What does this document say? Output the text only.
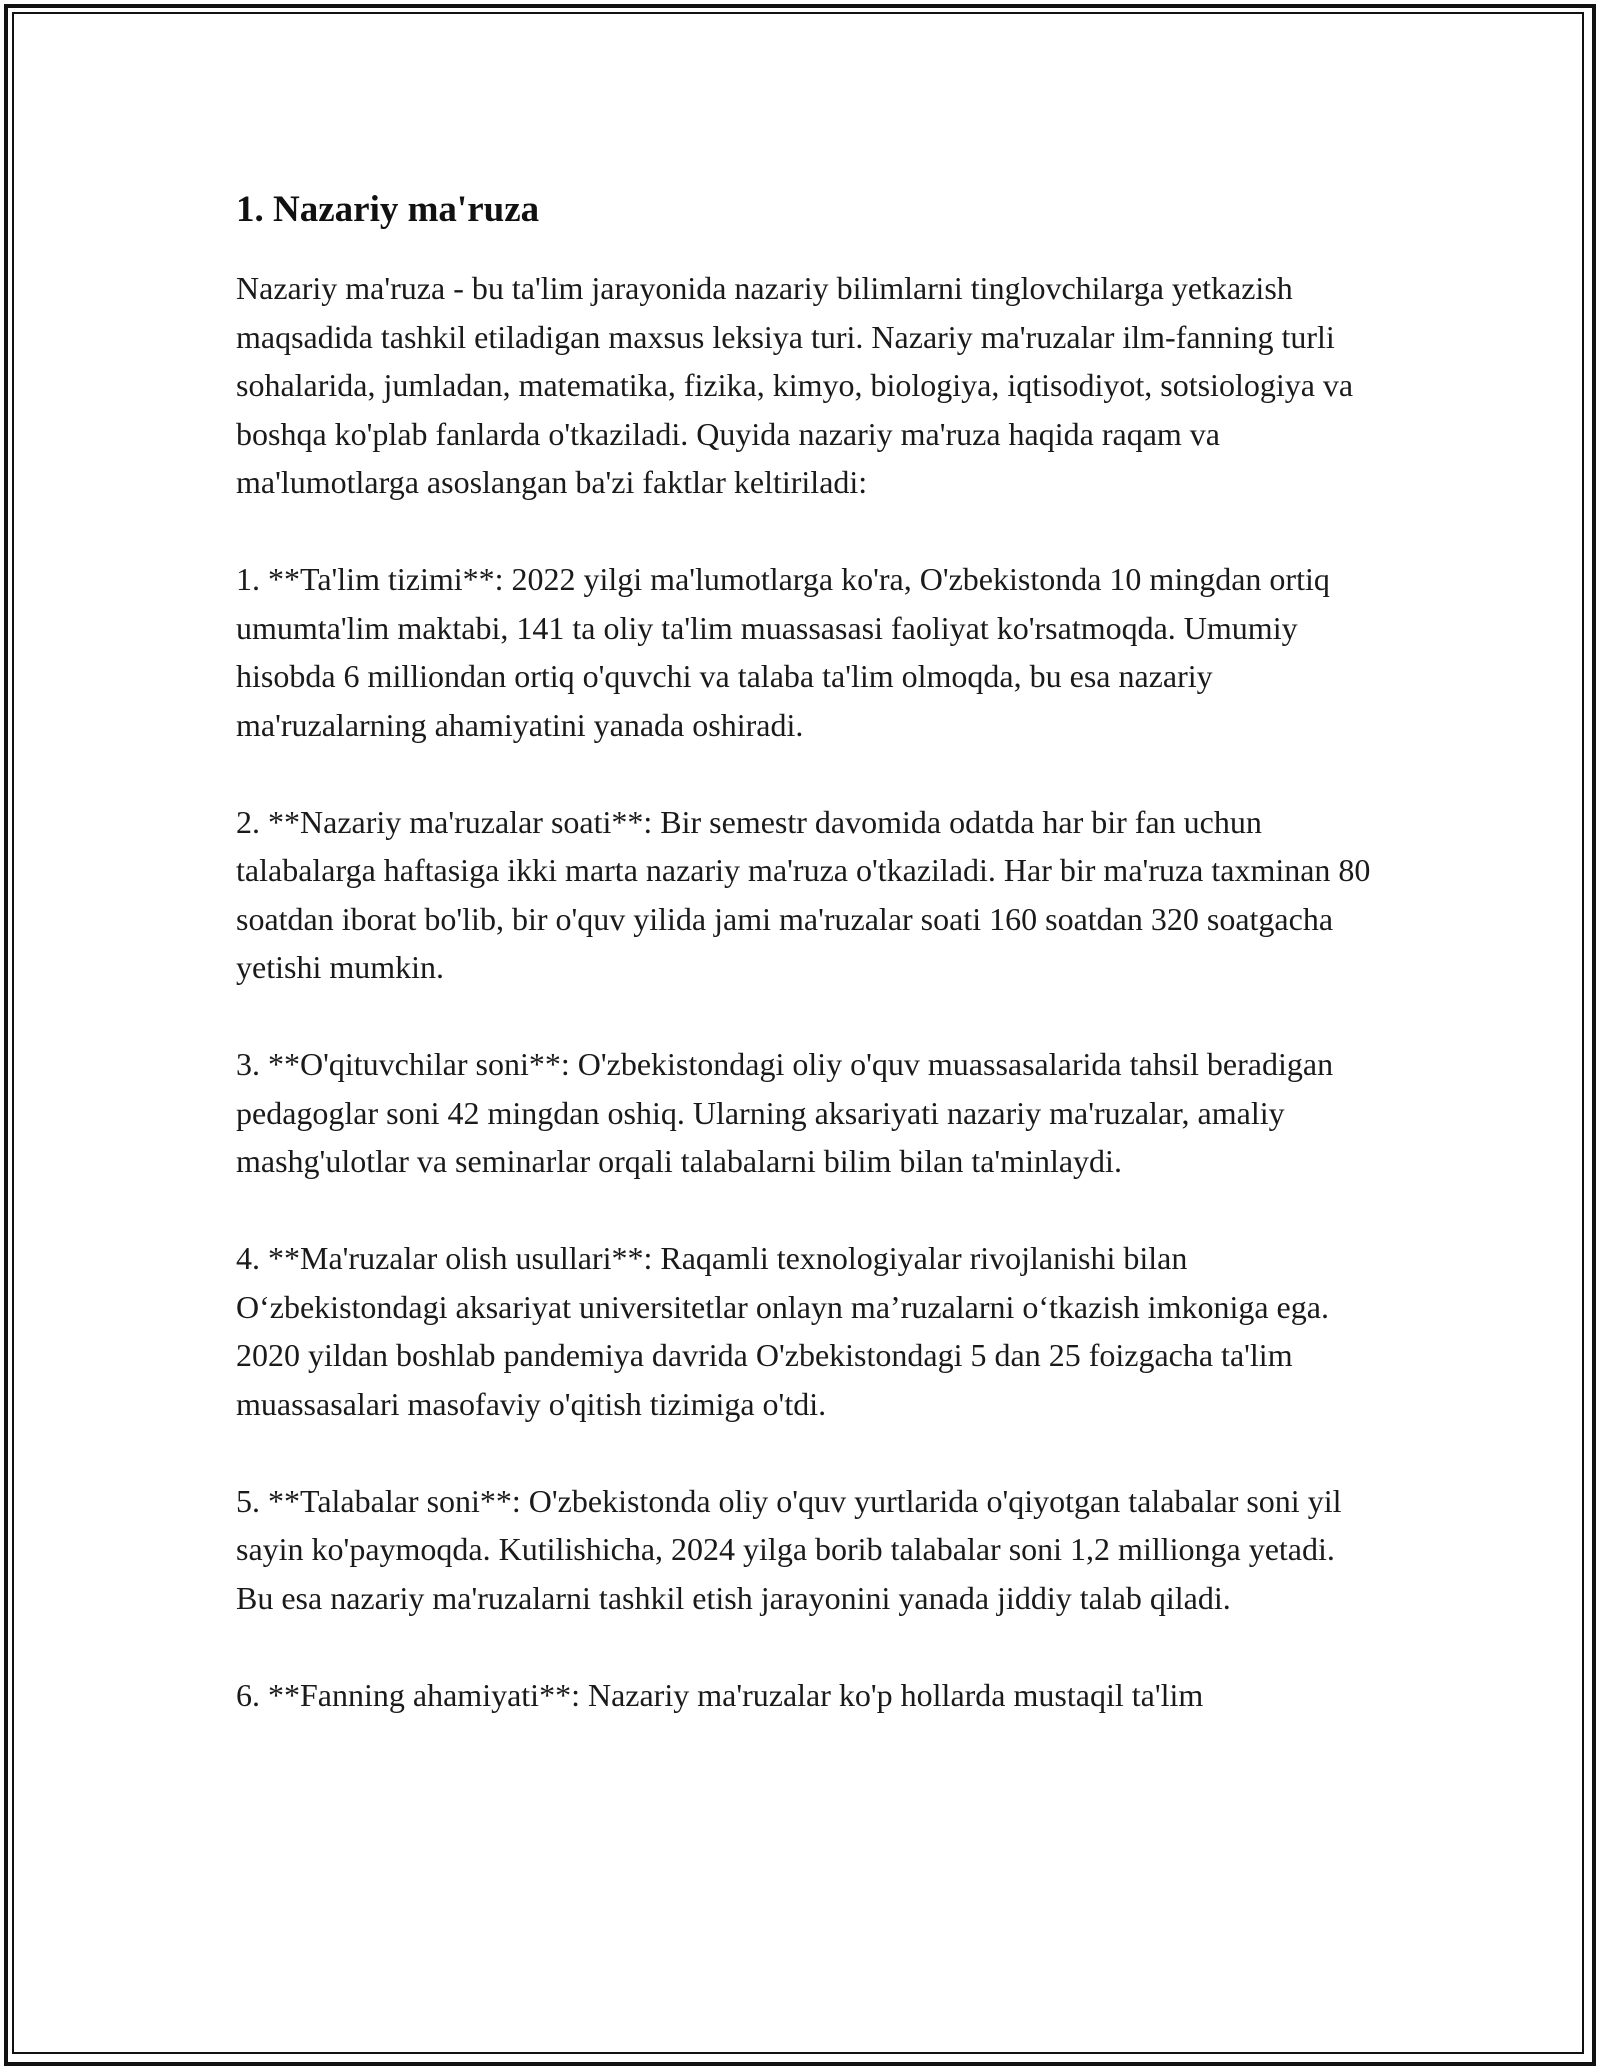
1. Nazariy ma'ruza

Nazariy ma'ruza - bu ta'lim jarayonida nazariy bilimlarni tinglovchilarga yetkazish maqsadida tashkil etiladigan maxsus leksiya turi. Nazariy ma'ruzalar ilm-fanning turli sohalarida, jumladan, matematika, fizika, kimyo, biologiya, iqtisodiyot, sotsiologiya va boshqa ko'plab fanlarda o'tkaziladi. Quyida nazariy ma'ruza haqida raqam va ma'lumotlarga asoslangan ba'zi faktlar keltiriladi:

1. **Ta'lim tizimi**: 2022 yilgi ma'lumotlarga ko'ra, O'zbekistonda 10 mingdan ortiq umumta'lim maktabi, 141 ta oliy ta'lim muassasasi faoliyat ko'rsatmoqda. Umumiy hisobda 6 milliondan ortiq o'quvchi va talaba ta'lim olmoqda, bu esa nazariy ma'ruzalarning ahamiyatini yanada oshiradi.

2. **Nazariy ma'ruzalar soati**: Bir semestr davomida odatda har bir fan uchun talabalarga haftasiga ikki marta nazariy ma'ruza o'tkaziladi. Har bir ma'ruza taxminan 80 soatdan iborat bo'lib, bir o'quv yilida jami ma'ruzalar soati 160 soatdan 320 soatgacha yetishi mumkin.

3. **O'qituvchilar soni**: O'zbekistondagi oliy o'quv muassasalarida tahsil beradigan pedagoglar soni 42 mingdan oshiq. Ularning aksariyati nazariy ma'ruzalar, amaliy mashg'ulotlar va seminarlar orqali talabalarni bilim bilan ta'minlaydi.

4. **Ma'ruzalar olish usullari**: Raqamli texnologiyalar rivojlanishi bilan O‘zbekistondagi aksariyat universitetlar onlayn ma’ruzalarni o‘tkazish imkoniga ega. 2020 yildan boshlab pandemiya davrida O'zbekistondagi 5 dan 25 foizgacha ta'lim muassasalari masofaviy o'qitish tizimiga o'tdi.

5. **Talabalar soni**: O'zbekistonda oliy o'quv yurtlarida o'qiyotgan talabalar soni yil sayin ko'paymoqda. Kutilishicha, 2024 yilga borib talabalar soni 1,2 millionga yetadi. Bu esa nazariy ma'ruzalarni tashkil etish jarayonini yanada jiddiy talab qiladi.

6. **Fanning ahamiyati**: Nazariy ma'ruzalar ko'p hollarda mustaqil ta'lim
